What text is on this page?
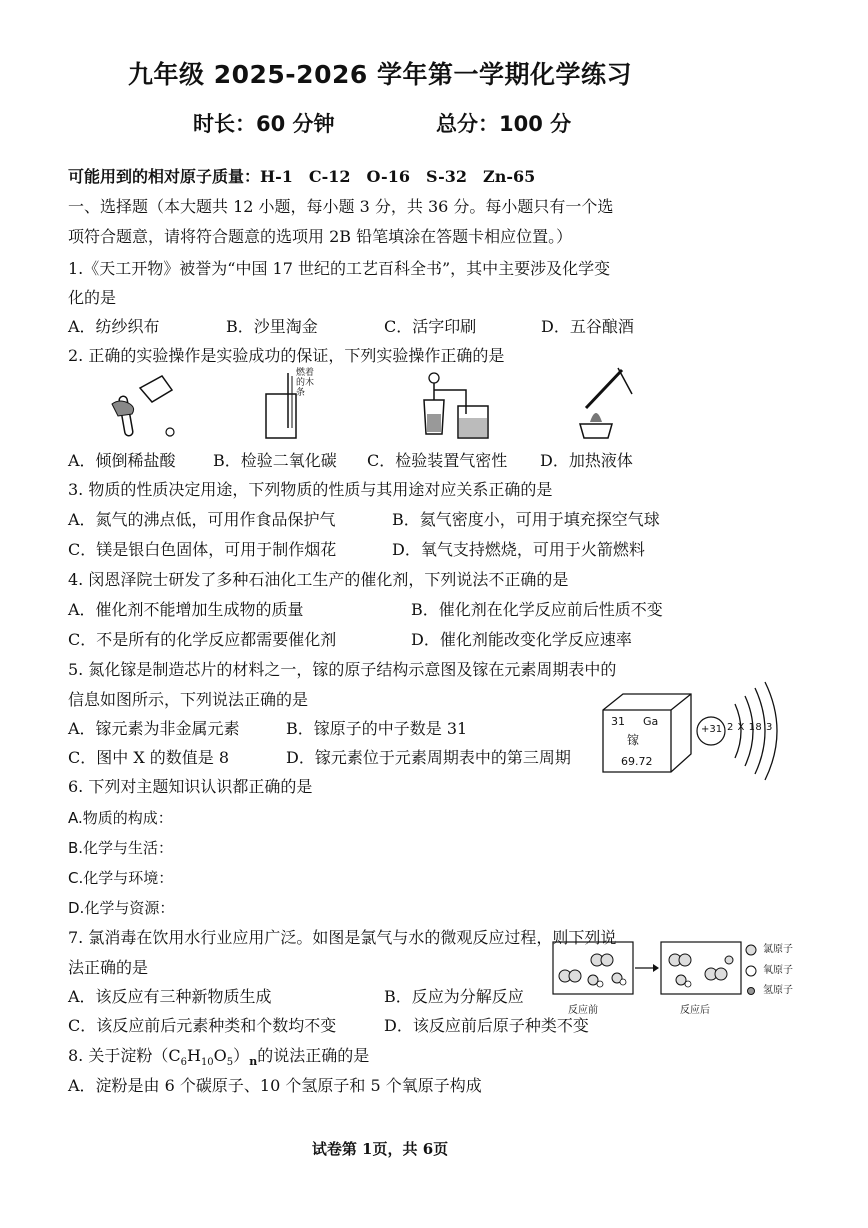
九年级 2025-2026 学年第一学期化学练习
时长：60 分钟	总分：100 分
可能用到的相对原子质量：H-1　C-12　O-16　S-32　Zn-65
一、选择题（本大题共 12 小题，每小题 3 分，共 36 分。每小题只有一个选
项符合题意，请将符合题意的选项用 2B 铅笔填涂在答题卡相应位置。）
1.《天工开物》被誉为“中国 17 世纪的工艺百科全书”，其中主要涉及化学变
化的是
A．纺纱织布	B．沙里淘金	C．活字印刷	D．五谷酿酒
2. 正确的实验操作是实验成功的保证，下列实验操作正确的是
燃着的木条
A．倾倒稀盐酸 B．检验二氧化碳 C．检验装置气密性 D．加热液体
3. 物质的性质决定用途，下列物质的性质与其用途对应关系正确的是
A．氮气的沸点低，可用作食品保护气	B．氦气密度小，可用于填充探空气球
C．镁是银白色固体，可用于制作烟花	D．氧气支持燃烧，可用于火箭燃料
4. 闵恩泽院士研发了多种石油化工生产的催化剂，下列说法不正确的是
A．催化剂不能增加生成物的质量	B．催化剂在化学反应前后性质不变
C．不是所有的化学反应都需要催化剂	D．催化剂能改变化学反应速率
5. 氮化镓是制造芯片的材料之一，镓的原子结构示意图及镓在元素周期表中的
信息如图所示，下列说法正确的是
A．镓元素为非金属元素	B．镓原子的中子数是 31
C．图中 X 的数值是 8	D．镓元素位于元素周期表中的第三周期
31 Ga
镓
69.72
+31 2 X 18 3
6. 下列对主题知识认识都正确的是
A.物质的构成：
B.化学与生活：
C.化学与环境：
D.化学与资源：
7. 氯消毒在饮用水行业应用广泛。如图是氯气与水的微观反应过程，则下列说
法正确的是
A．该反应有三种新物质生成	B．反应为分解反应
C．该反应前后元素种类和个数均不变	D．该反应前后原子种类不变
反应前	反应后
氯原子
氧原子
氢原子
8. 关于淀粉$(C_6H_{10}O_5)_n$的说法正确的是
A．淀粉是由 6 个碳原子、10 个氢原子和 5 个氧原子构成
试卷第 1页，共 6页
